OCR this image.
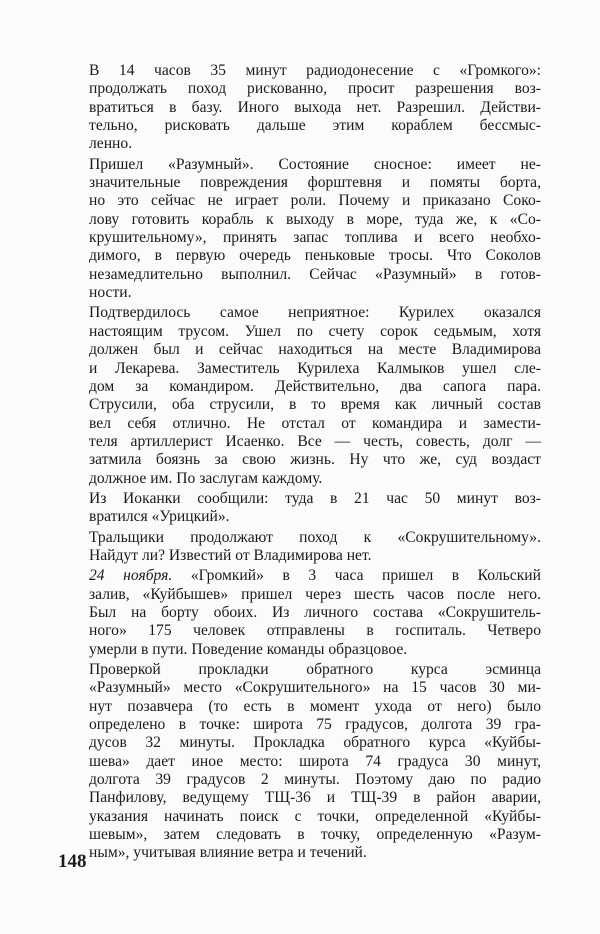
В 14 часов 35 минут радиодонесение с «Громкого»:
продолжать поход рискованно, просит разрешения воз-
вратиться в базу. Иного выхода нет. Разрешил. Действи-
тельно, рисковать дальше этим кораблем бессмыс-
ленно.
Пришел «Разумный». Состояние сносное: имеет не-
значительные повреждения форштевня и помяты борта,
но это сейчас не играет роли. Почему и приказано Соко-
лову готовить корабль к выходу в море, туда же, к «Со-
крушительному», принять запас топлива и всего необхо-
димого, в первую очередь пеньковые тросы. Что Соколов
незамедлительно выполнил. Сейчас «Разумный» в готов-
ности.
Подтвердилось самое неприятное: Курилех оказался
настоящим трусом. Ушел по счету сорок седьмым, хотя
должен был и сейчас находиться на месте Владимирова
и Лекарева. Заместитель Курилеха Калмыков ушел сле-
дом за командиром. Действительно, два сапога пара.
Струсили, оба струсили, в то время как личный состав
вел себя отлично. Не отстал от командира и замести-
теля артиллерист Исаенко. Все — честь, совесть, долг —
затмила боязнь за свою жизнь. Ну что же, суд воздаст
должное им. По заслугам каждому.
Из Иоканки сообщили: туда в 21 час 50 минут воз-
вратился «Урицкий».
Тральщики продолжают поход к «Сокрушительному».
Найдут ли? Известий от Владимирова нет.
24 ноября. «Громкий» в 3 часа пришел в Кольский
залив, «Куйбышев» пришел через шесть часов после него.
Был на борту обоих. Из личного состава «Сокрушитель-
ного» 175 человек отправлены в госпиталь. Четверо
умерли в пути. Поведение команды образцовое.
Проверкой прокладки обратного курса эсминца
«Разумный» место «Сокрушительного» на 15 часов 30 ми-
нут позавчера (то есть в момент ухода от него) было
определено в точке: широта 75 градусов, долгота 39 гра-
дусов 32 минуты. Прокладка обратного курса «Куйбы-
шева» дает иное место: широта 74 градуса 30 минут,
долгота 39 градусов 2 минуты. Поэтому даю по радио
Панфилову, ведущему ТЩ-36 и ТЩ-39 в район аварии,
указания начинать поиск с точки, определенной «Куйбы-
шевым», затем следовать в точку, определенную «Разум-
ным», учитывая влияние ветра и течений.
148
